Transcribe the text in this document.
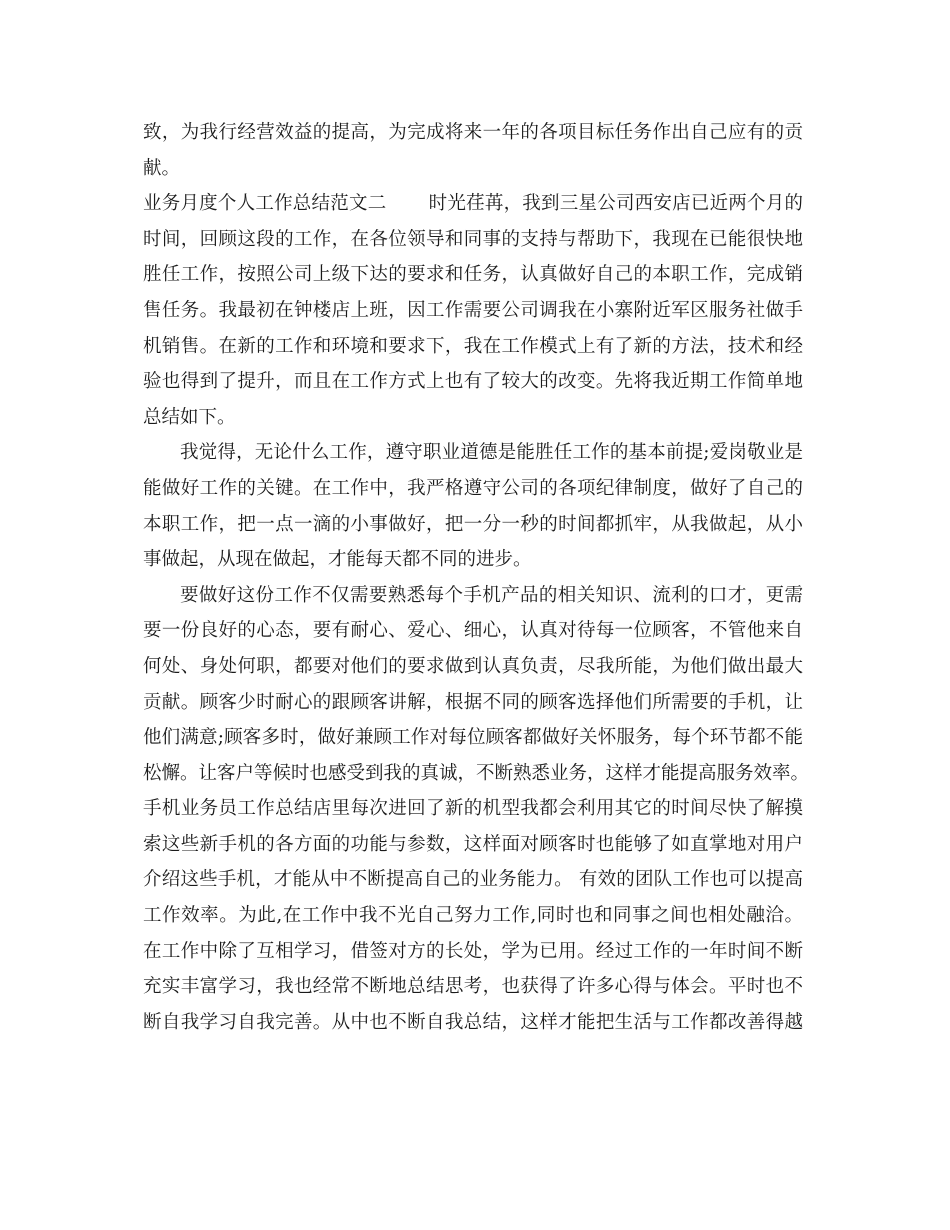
致，为我行经营效益的提高，为完成将来一年的各项目标任务作出自己应有的贡
献。
业务月度个人工作总结范文二 时光荏苒，我到三星公司西安店已近两个月的
时间，回顾这段的工作，在各位领导和同事的支持与帮助下，我现在已能很快地
胜任工作，按照公司上级下达的要求和任务，认真做好自己的本职工作，完成销
售任务。我最初在钟楼店上班，因工作需要公司调我在小寨附近军区服务社做手
机销售。在新的工作和环境和要求下，我在工作模式上有了新的方法，技术和经
验也得到了提升，而且在工作方式上也有了较大的改变。先将我近期工作简单地
总结如下。
我觉得，无论什么工作，遵守职业道德是能胜任工作的基本前提;爱岗敬业是
能做好工作的关键。在工作中，我严格遵守公司的各项纪律制度，做好了自己的
本职工作，把一点一滴的小事做好，把一分一秒的时间都抓牢，从我做起，从小
事做起，从现在做起，才能每天都不同的进步。
要做好这份工作不仅需要熟悉每个手机产品的相关知识、流利的口才，更需
要一份良好的心态，要有耐心、爱心、细心，认真对待每一位顾客，不管他来自
何处、身处何职，都要对他们的要求做到认真负责，尽我所能，为他们做出最大
贡献。顾客少时耐心的跟顾客讲解，根据不同的顾客选择他们所需要的手机，让
他们满意;顾客多时，做好兼顾工作对每位顾客都做好关怀服务，每个环节都不能
松懈。让客户等候时也感受到我的真诚，不断熟悉业务，这样才能提高服务效率。
手机业务员工作总结店里每次进回了新的机型我都会利用其它的时间尽快了解摸
索这些新手机的各方面的功能与参数，这样面对顾客时也能够了如直掌地对用户
介绍这些手机，才能从中不断提高自己的业务能力。 有效的团队工作也可以提高
工作效率。为此,在工作中我不光自己努力工作,同时也和同事之间也相处融洽。
在工作中除了互相学习，借签对方的长处，学为已用。经过工作的一年时间不断
充实丰富学习，我也经常不断地总结思考，也获得了许多心得与体会。平时也不
断自我学习自我完善。从中也不断自我总结，这样才能把生活与工作都改善得越
